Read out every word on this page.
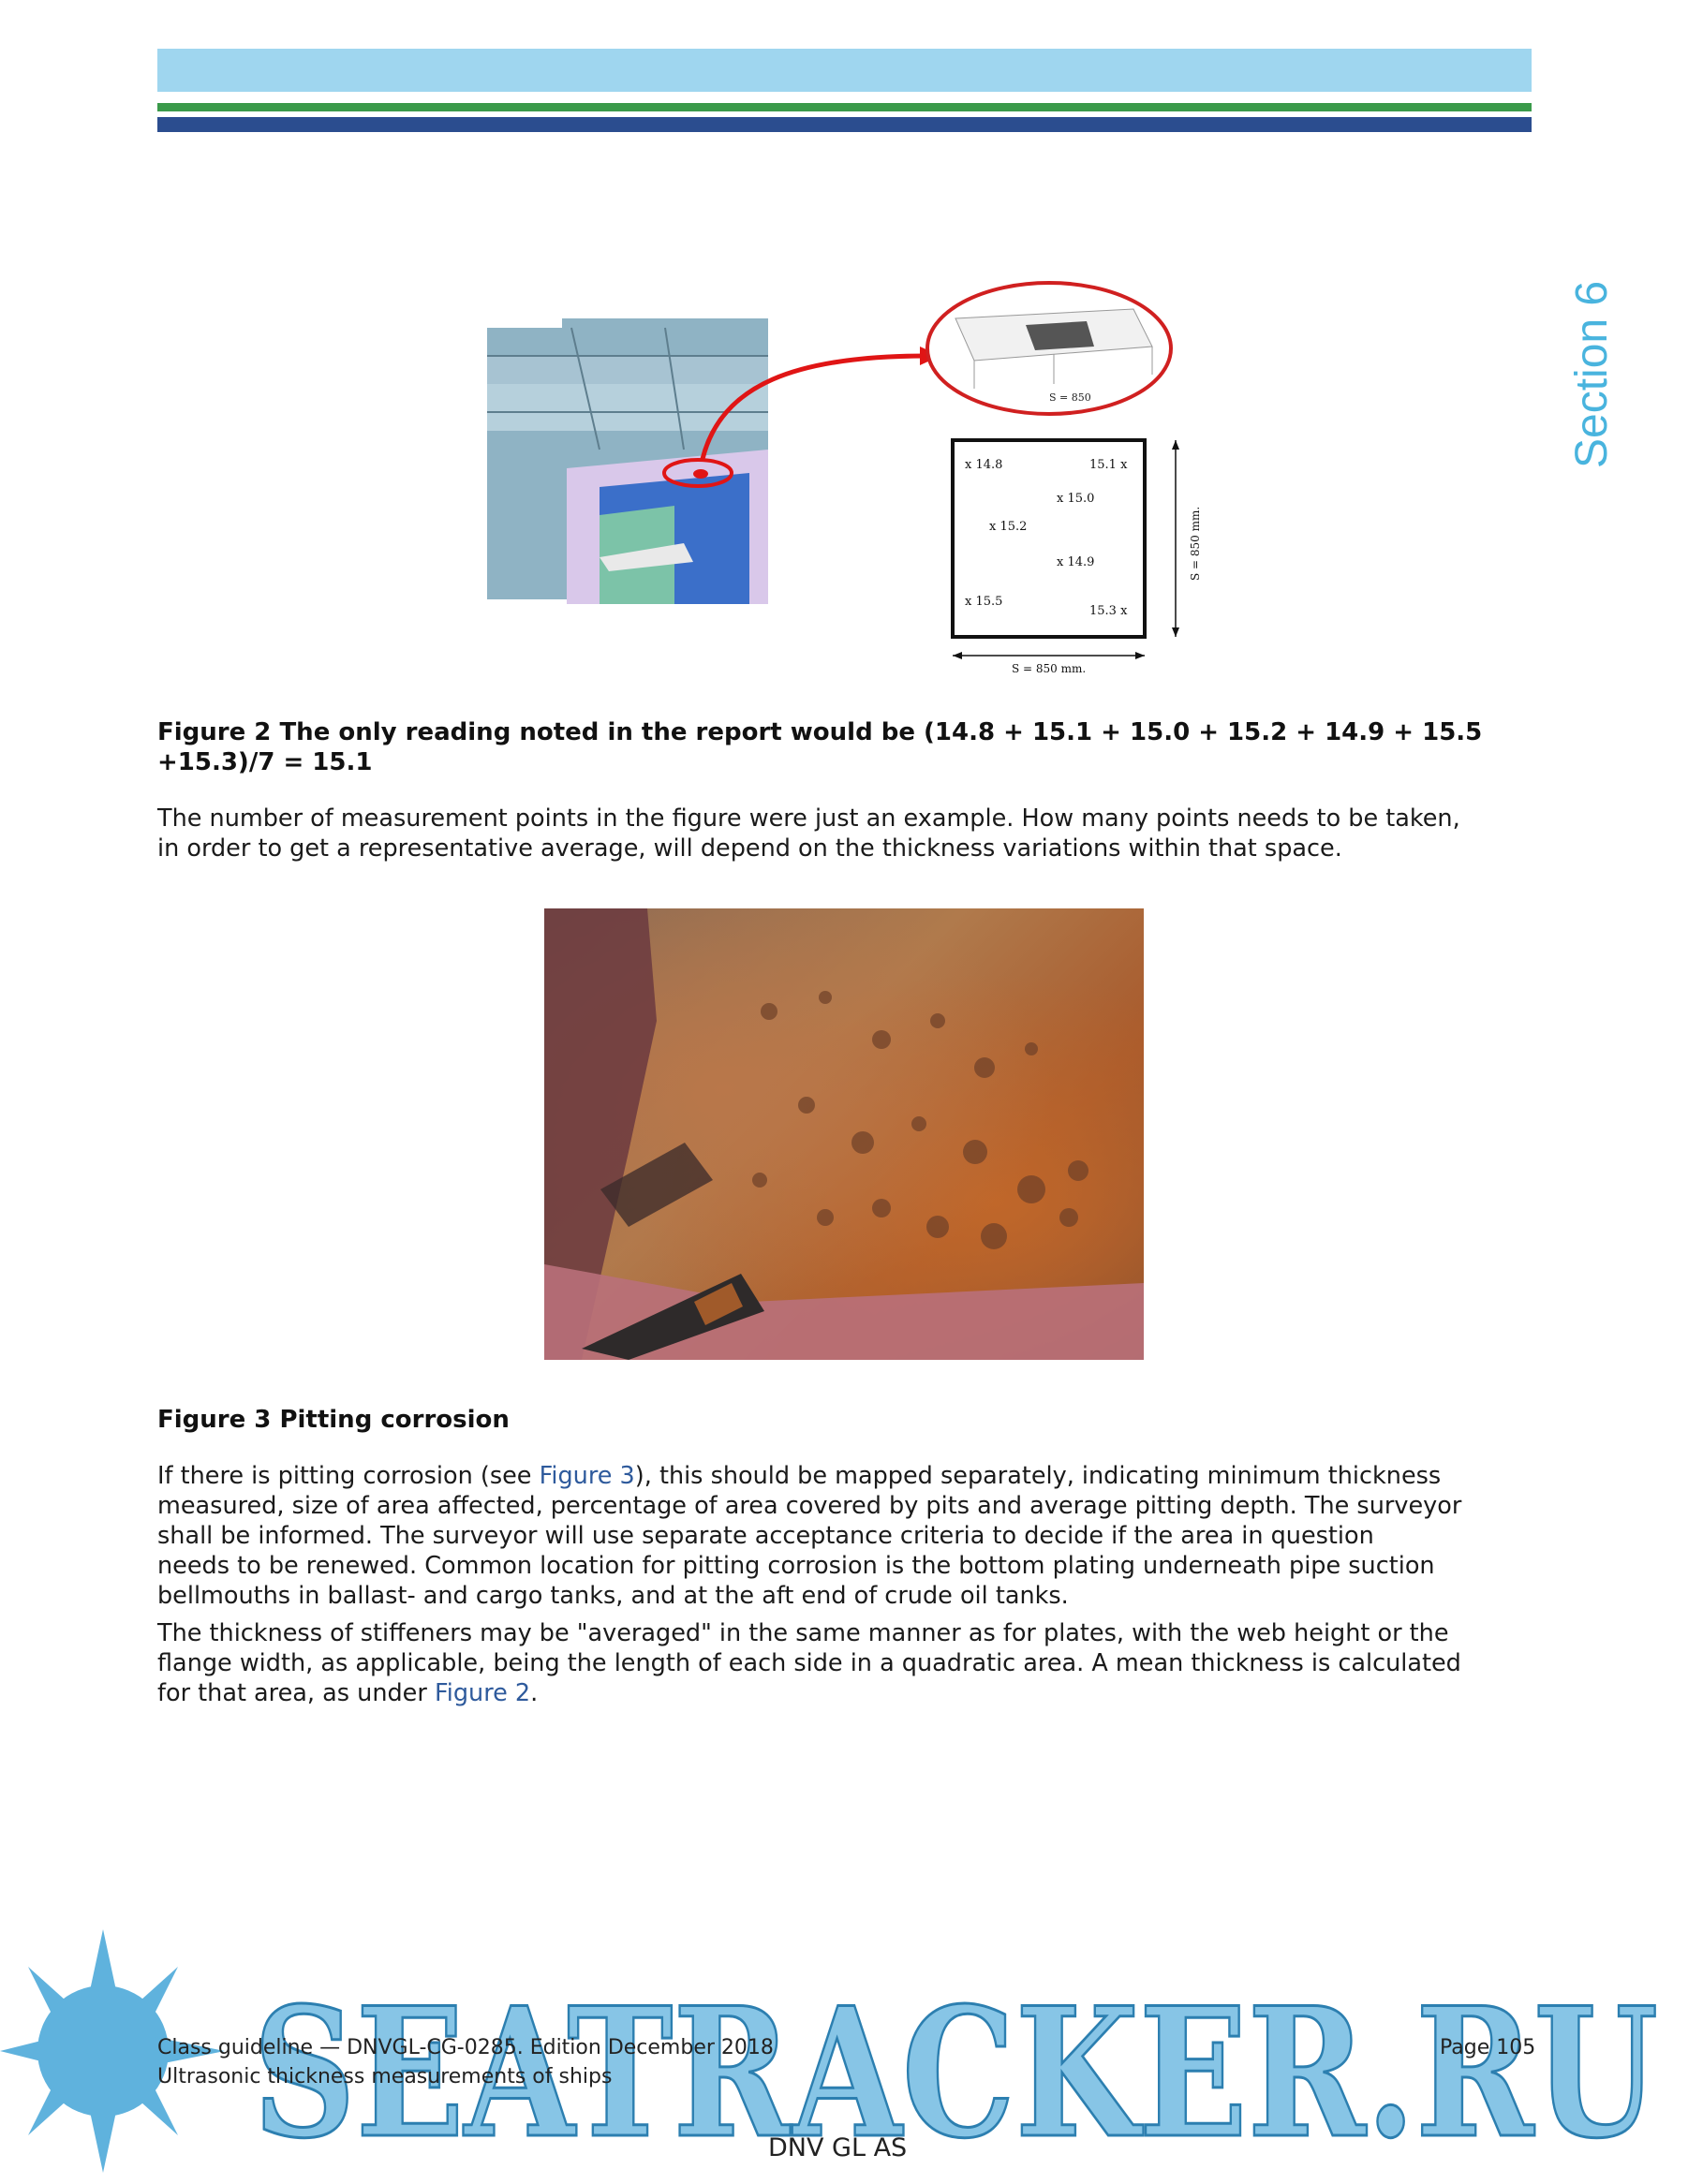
Section 6
S = 850
x 14.8	15.1 x
x 15.0
x 15.2
x 14.9
x 15.5
15.3 x
S = 850 mm.
S = 850 mm.
Figure 2 The only reading noted in the report would be (14.8 + 15.1 + 15.0 + 15.2 + 14.9 + 15.5
+15.3)/7 = 15.1
The number of measurement points in the figure were just an example. How many points needs to be taken,
in order to get a representative average, will depend on the thickness variations within that space.
Figure 3 Pitting corrosion
If there is pitting corrosion (see Figure 3), this should be mapped separately, indicating minimum thickness
measured, size of area affected, percentage of area covered by pits and average pitting depth. The surveyor
shall be informed. The surveyor will use separate acceptance criteria to decide if the area in question
needs to be renewed. Common location for pitting corrosion is the bottom plating underneath pipe suction
bellmouths in ballast- and cargo tanks, and at the aft end of crude oil tanks.
The thickness of stiffeners may be "averaged" in the same manner as for plates, with the web height or the
flange width, as applicable, being the length of each side in a quadratic area. A mean thickness is calculated
for that area, as under Figure 2.
SEATRACKER.RU
Class guideline — DNVGL-CG-0285. Edition December 2018
Ultrasonic thickness measurements of ships
Page 105
DNV GL AS
